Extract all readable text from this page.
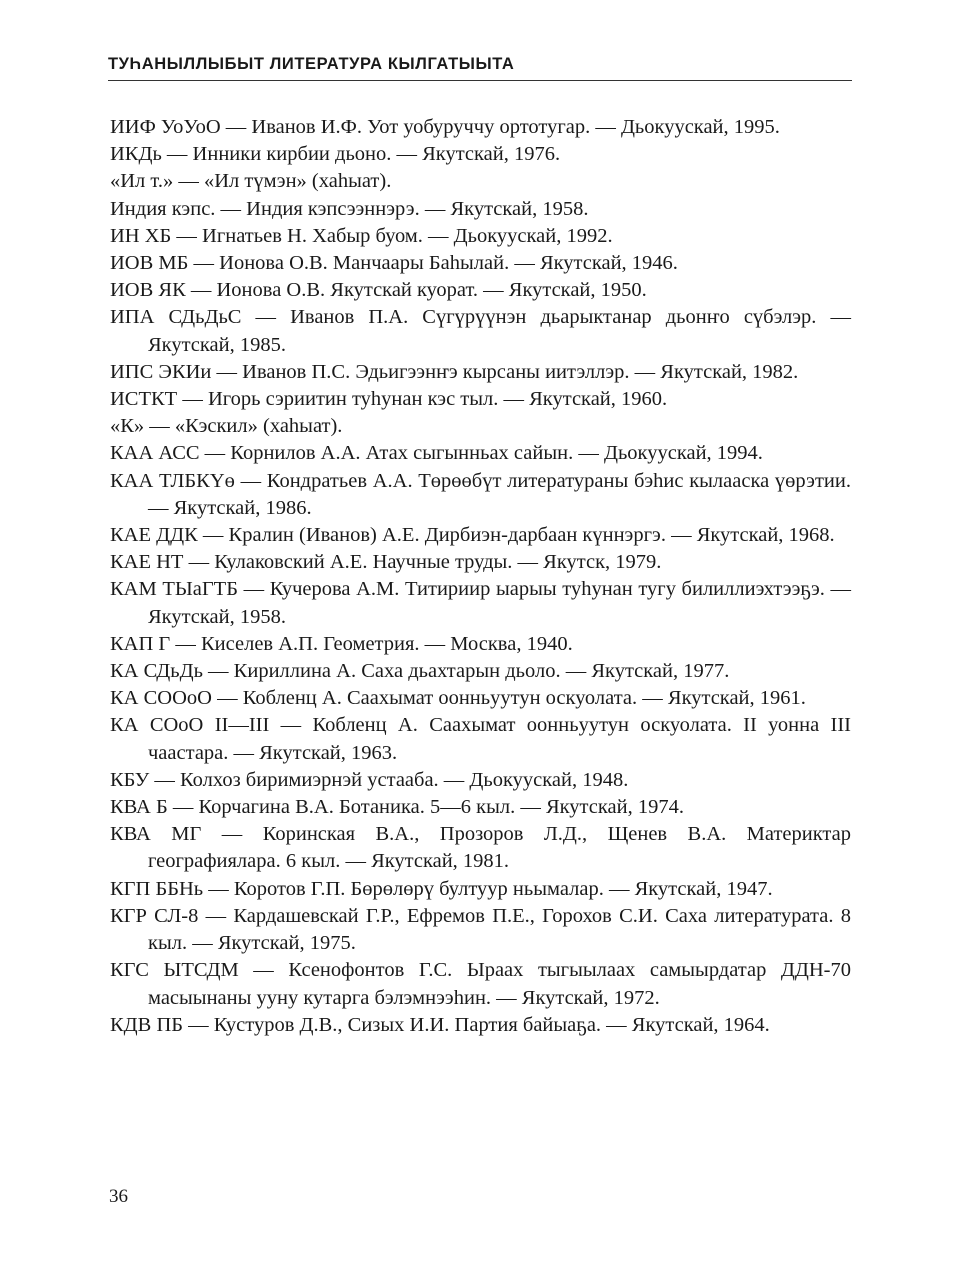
ТУҺАНЫЛЛЫБЫТ ЛИТЕРАТУРА КЫЛГАТЫЫТА
ИИФ УоУоО — Иванов И.Ф. Уот уобуруччу ортотугар. — Дьокуускай, 1995.
ИКДь — Инники кирбии дьоно. — Якутскай, 1976.
«Ил т.» — «Ил түмэн» (хаһыат).
Индия кэпс. — Индия кэпсээннэрэ. — Якутскай, 1958.
ИН ХБ — Игнатьев Н. Хабыр буом. — Дьокуускай, 1992.
ИОВ МБ — Ионова О.В. Манчаары Баһылай. — Якутскай, 1946.
ИОВ ЯК — Ионова О.В. Якутскай куорат. — Якутскай, 1950.
ИПА СДьДьС — Иванов П.А. Сүгүрүүнэн дьарыктанар дьонҥо сүбэлэр. — Якутскай, 1985.
ИПС ЭКИи — Иванов П.С. Эдьигээнҥэ кырсаны иитэллэр. — Якутскай, 1982.
ИСТКТ — Игорь сэриитин туһунан кэс тыл. — Якутскай, 1960.
«К» — «Кэскил» (хаһыат).
КАА АСС — Корнилов А.А. Атах сыгынньах сайын. — Дьокуускай, 1994.
КАА ТЛБКҮө — Кондратьев А.А. Төрөөбүт литератураны бэһис кылааска үөрэтии. — Якутскай, 1986.
КАЕ ДДК — Кралин (Иванов) А.Е. Дирбиэн-дарбаан күннэргэ. — Якутскай, 1968.
КАЕ НТ — Кулаковский А.Е. Научные труды. — Якутск, 1979.
КАМ ТЫаГТБ — Кучерова А.М. Титирииp ыарыы туһунан тугу билиллиэхтээҕэ. — Якутскай, 1958.
КАП Г — Киселев А.П. Геометрия. — Москва, 1940.
КА СДьДь — Кириллина А. Саха дьахтарын дьоло. — Якутскай, 1977.
КА СООоО — Кобленц А. Саахымат оонньуутун оскуолата. — Якутскай, 1961.
КА СОоО II—III — Кобленц А. Саахымат оонньуутун оскуолата. II уонна III чаастара. — Якутскай, 1963.
КБУ — Колхоз биримиэрнэй устааба. — Дьокуускай, 1948.
КВА Б — Корчагина В.А. Ботаника. 5—6 кыл. — Якутскай, 1974.
КВА МГ — Коринская В.А., Прозоров Л.Д., Щенев В.А. Материктар географиялара. 6 кыл. — Якутскай, 1981.
КГП ББНь — Коротов Г.П. Бөрөлөрү бултуур ньымалар. — Якутскай, 1947.
КГР СЛ-8 — Кардашевскай Г.Р., Ефремов П.Е., Горохов С.И. Саха литературата. 8 кыл. — Якутскай, 1975.
КГС ЫТСДМ — Ксенофонтов Г.С. Ыраах тыгыылаах самыырдатар ДДН-70 масыынаны ууну кутарга бэлэмнээһин. — Якутскай, 1972.
КДВ ПБ — Кустуров Д.В., Сизых И.И. Партия байыаҕа. — Якутскай, 1964.
36
